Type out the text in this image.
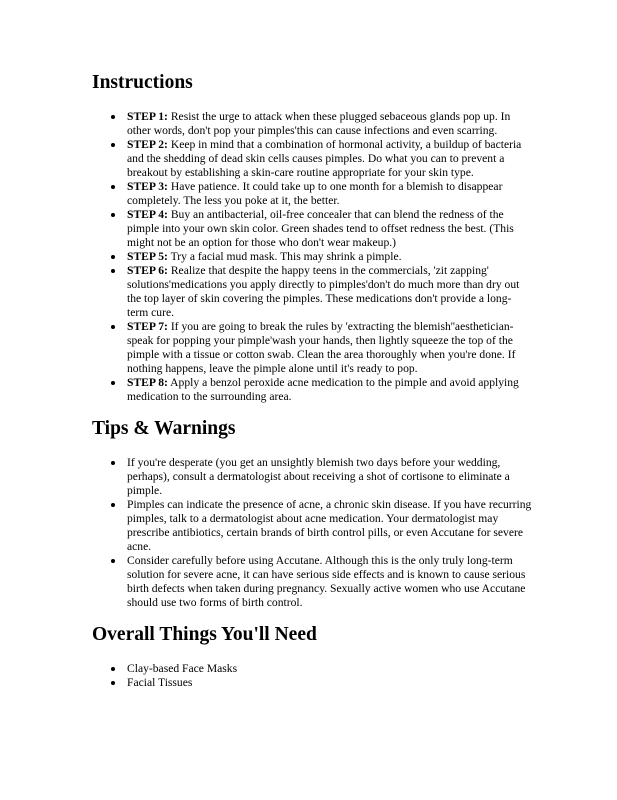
Instructions
STEP 1: Resist the urge to attack when these plugged sebaceous glands pop up. In other words, don't pop your pimples'this can cause infections and even scarring.
STEP 2: Keep in mind that a combination of hormonal activity, a buildup of bacteria and the shedding of dead skin cells causes pimples. Do what you can to prevent a breakout by establishing a skin-care routine appropriate for your skin type.
STEP 3: Have patience. It could take up to one month for a blemish to disappear completely. The less you poke at it, the better.
STEP 4: Buy an antibacterial, oil-free concealer that can blend the redness of the pimple into your own skin color. Green shades tend to offset redness the best. (This might not be an option for those who don't wear makeup.)
STEP 5: Try a facial mud mask. This may shrink a pimple.
STEP 6: Realize that despite the happy teens in the commercials, 'zit zapping' solutions'medications you apply directly to pimples'don't do much more than dry out the top layer of skin covering the pimples. These medications don't provide a long-term cure.
STEP 7: If you are going to break the rules by 'extracting the blemish''aesthetician-speak for popping your pimple'wash your hands, then lightly squeeze the top of the pimple with a tissue or cotton swab. Clean the area thoroughly when you're done. If nothing happens, leave the pimple alone until it's ready to pop.
STEP 8: Apply a benzol peroxide acne medication to the pimple and avoid applying medication to the surrounding area.
Tips & Warnings
If you're desperate (you get an unsightly blemish two days before your wedding, perhaps), consult a dermatologist about receiving a shot of cortisone to eliminate a pimple.
Pimples can indicate the presence of acne, a chronic skin disease. If you have recurring pimples, talk to a dermatologist about acne medication. Your dermatologist may prescribe antibiotics, certain brands of birth control pills, or even Accutane for severe acne.
Consider carefully before using Accutane. Although this is the only truly long-term solution for severe acne, it can have serious side effects and is known to cause serious birth defects when taken during pregnancy. Sexually active women who use Accutane should use two forms of birth control.
Overall Things You'll Need
Clay-based Face Masks
Facial Tissues
